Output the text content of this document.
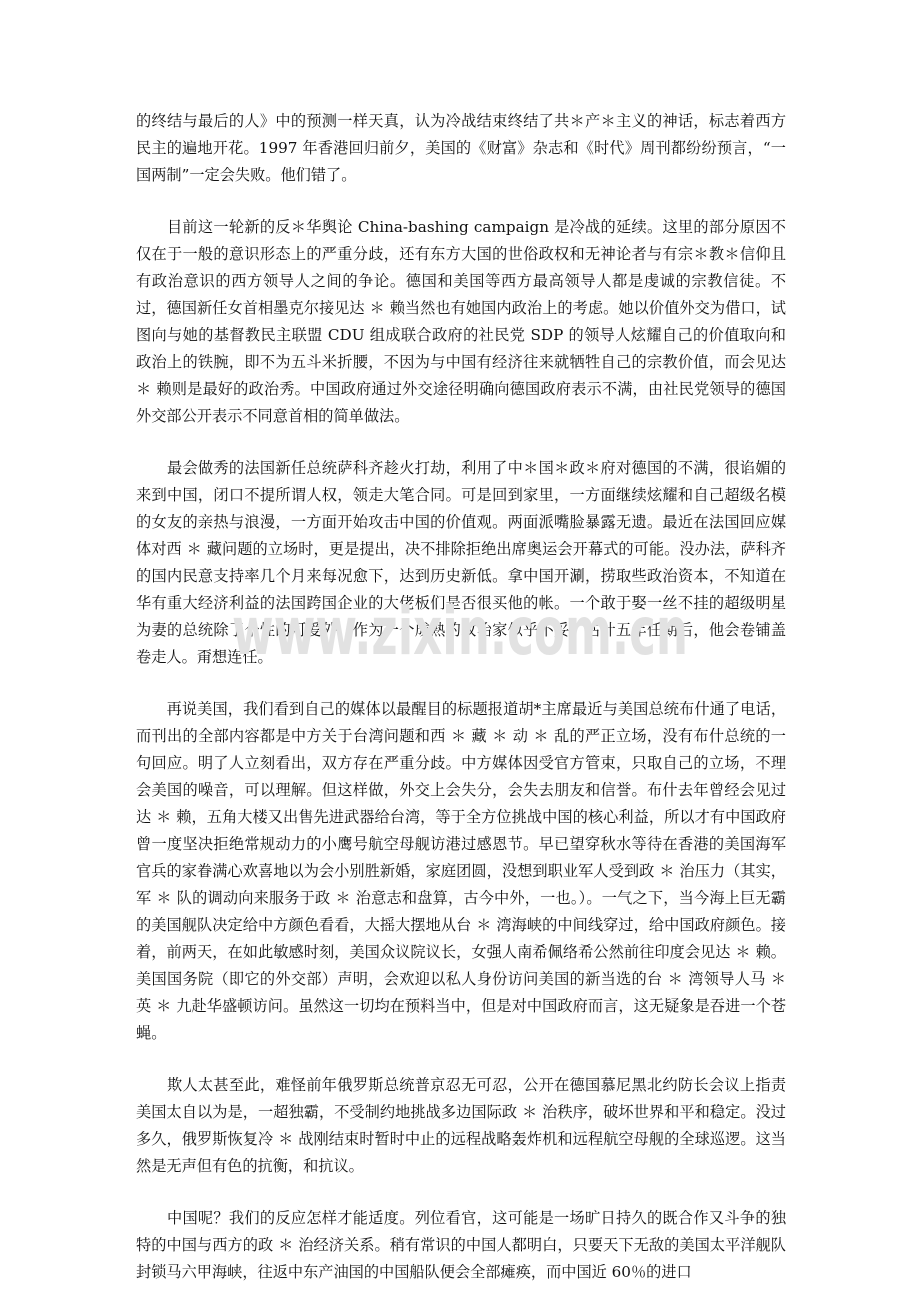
的终结与最后的人》中的预测一样天真，认为冷战结束终结了共＊产＊主义的神话，标志着西方民主的遍地开花。1997 年香港回归前夕，美国的《财富》杂志和《时代》周刊都纷纷预言，“一国两制”一定会失败。他们错了。

　　目前这一轮新的反＊华舆论 China-bashing campaign 是冷战的延续。这里的部分原因不仅在于一般的意识形态上的严重分歧，还有东方大国的世俗政权和无神论者与有宗＊教＊信仰且有政治意识的西方领导人之间的争论。德国和美国等西方最高领导人都是虔诚的宗教信徒。不过，德国新任女首相墨克尔接见达 ＊ 赖当然也有她国内政治上的考虑。她以价值外交为借口，试图向与她的基督教民主联盟 CDU 组成联合政府的社民党 SDP 的领导人炫耀自己的价值取向和政治上的铁腕，即不为五斗米折腰，不因为与中国有经济往来就牺牲自己的宗教价值，而会见达 ＊ 赖则是最好的政治秀。中国政府通过外交途径明确向德国政府表示不满，由社民党领导的德国外交部公开表示不同意首相的简单做法。

　　最会做秀的法国新任总统萨科齐趁火打劫，利用了中＊国＊政＊府对德国的不满，很谄媚的来到中国，闭口不提所谓人权，领走大笔合同。可是回到家里，一方面继续炫耀和自己超级名模的女友的亲热与浪漫，一方面开始攻击中国的价值观。两面派嘴脸暴露无遗。最近在法国回应媒体对西 ＊ 藏问题的立场时，更是提出，决不排除拒绝出席奥运会开幕式的可能。没办法，萨科齐的国内民意支持率几个月来每况愈下，达到历史新低。拿中国开涮，捞取些政治资本，不知道在华有重大经济利益的法国跨国企业的大佬板们是否很买他的帐。一个敢于娶一丝不挂的超级明星为妻的总统除了个性的可爱外，作为一个成熟的政治家似乎不妥，估计五年任期后，他会卷铺盖卷走人。甭想连任。

　　再说美国，我们看到自己的媒体以最醒目的标题报道胡*主席最近与美国总统布什通了电话，而刊出的全部内容都是中方关于台湾问题和西 ＊ 藏 ＊ 动 ＊ 乱的严正立场，没有布什总统的一句回应。明了人立刻看出，双方存在严重分歧。中方媒体因受官方管束，只取自己的立场，不理会美国的噪音，可以理解。但这样做，外交上会失分，会失去朋友和信誉。布什去年曾经会见过达 ＊ 赖，五角大楼又出售先进武器给台湾，等于全方位挑战中国的核心利益，所以才有中国政府曾一度坚决拒绝常规动力的小鹰号航空母舰访港过感恩节。早已望穿秋水等待在香港的美国海军官兵的家眷满心欢喜地以为会小别胜新婚，家庭团圆，没想到职业军人受到政 ＊ 治压力（其实，军 ＊ 队的调动向来服务于政 ＊ 治意志和盘算，古今中外，一也。）。一气之下，当今海上巨无霸的美国舰队决定给中方颜色看看，大摇大摆地从台 ＊ 湾海峡的中间线穿过，给中国政府颜色。接着，前两天，在如此敏感时刻，美国众议院议长，女强人南希佩络希公然前往印度会见达 ＊ 赖。美国国务院（即它的外交部）声明，会欢迎以私人身份访问美国的新当选的台 ＊ 湾领导人马 ＊ 英 ＊ 九赴华盛顿访问。虽然这一切均在预料当中，但是对中国政府而言，这无疑象是吞进一个苍蝇。

　　欺人太甚至此，难怪前年俄罗斯总统普京忍无可忍，公开在德国慕尼黑北约防长会议上指责美国太自以为是，一超独霸，不受制约地挑战多边国际政 ＊ 治秩序，破坏世界和平和稳定。没过多久，俄罗斯恢复冷 ＊ 战刚结束时暂时中止的远程战略轰炸机和远程航空母舰的全球巡逻。这当然是无声但有色的抗衡，和抗议。

　　中国呢？我们的反应怎样才能适度。列位看官，这可能是一场旷日持久的既合作又斗争的独特的中国与西方的政 ＊ 治经济关系。稍有常识的中国人都明白，只要天下无敌的美国太平洋舰队封锁马六甲海峡，往返中东产油国的中国船队便会全部瘫痪，而中国近 60％的进口

www.zixin.com.cn
